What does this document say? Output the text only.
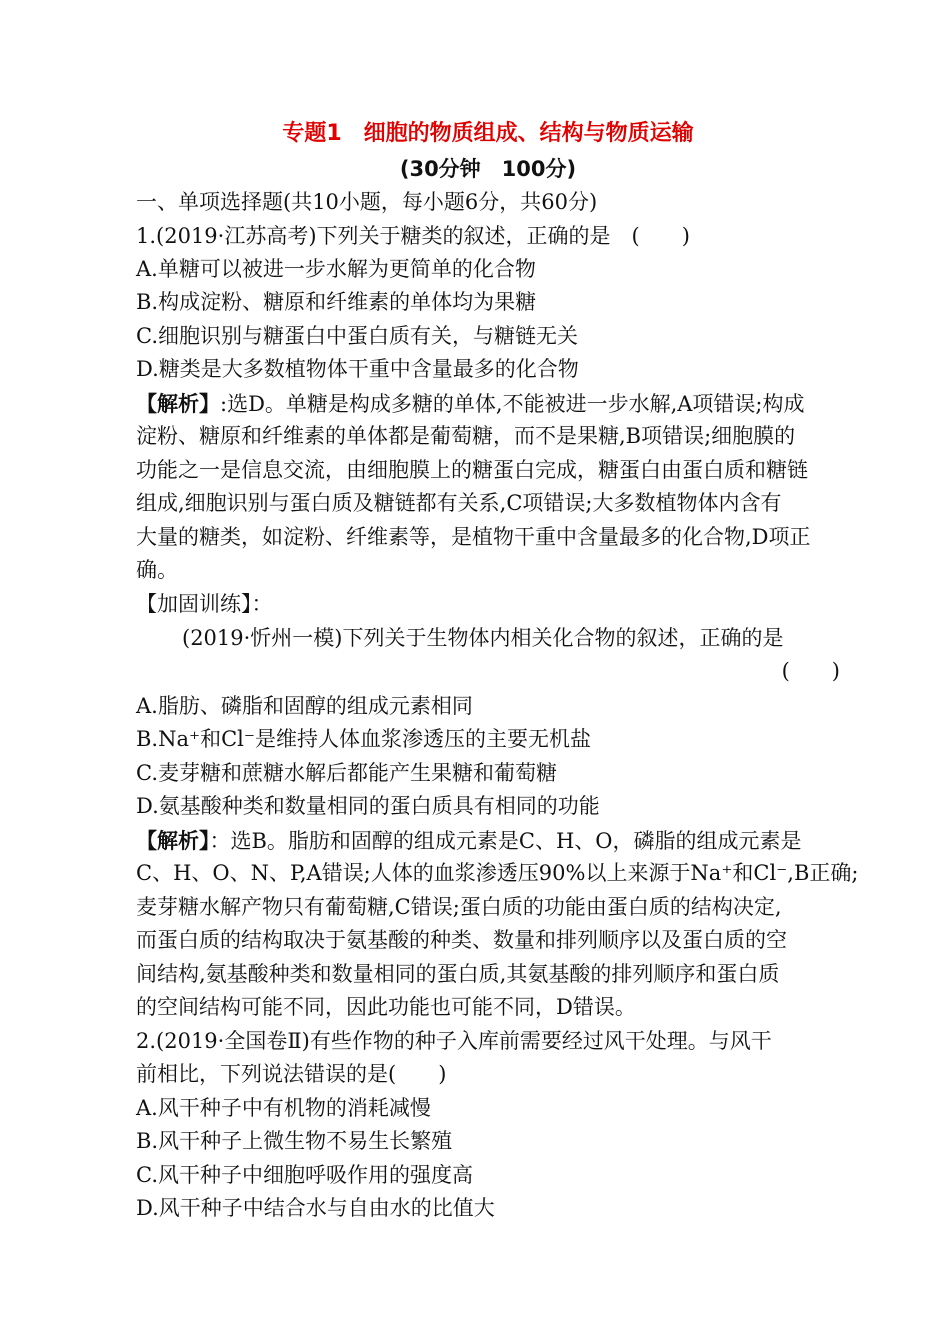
专题1　细胞的物质组成、结构与物质运输
(30分钟　100分)
一、单项选择题(共10小题，每小题6分，共60分)
1.(2019·江苏高考)下列关于糖类的叙述，正确的是　(　　)
A.单糖可以被进一步水解为更简单的化合物
B.构成淀粉、糖原和纤维素的单体均为果糖
C.细胞识别与糖蛋白中蛋白质有关，与糖链无关
D.糖类是大多数植物体干重中含量最多的化合物
【解析】:选D。单糖是构成多糖的单体,不能被进一步水解,A项错误;构成
淀粉、糖原和纤维素的单体都是葡萄糖，而不是果糖,B项错误;细胞膜的
功能之一是信息交流，由细胞膜上的糖蛋白完成，糖蛋白由蛋白质和糖链
组成,细胞识别与蛋白质及糖链都有关系,C项错误;大多数植物体内含有
大量的糖类，如淀粉、纤维素等，是植物干重中含量最多的化合物,D项正
确。
【加固训练】：
(2019·忻州一模)下列关于生物体内相关化合物的叙述，正确的是
(　　)
A.脂肪、磷脂和固醇的组成元素相同
B.Na⁺和Cl⁻是维持人体血浆渗透压的主要无机盐
C.麦芽糖和蔗糖水解后都能产生果糖和葡萄糖
D.氨基酸种类和数量相同的蛋白质具有相同的功能
【解析】：选B。脂肪和固醇的组成元素是C、H、O，磷脂的组成元素是
C、H、O、N、P,A错误;人体的血浆渗透压90%以上来源于Na⁺和Cl⁻,B正确;
麦芽糖水解产物只有葡萄糖,C错误;蛋白质的功能由蛋白质的结构决定,
而蛋白质的结构取决于氨基酸的种类、数量和排列顺序以及蛋白质的空
间结构,氨基酸种类和数量相同的蛋白质,其氨基酸的排列顺序和蛋白质
的空间结构可能不同，因此功能也可能不同，D错误。
2.(2019·全国卷Ⅱ)有些作物的种子入库前需要经过风干处理。与风干
前相比，下列说法错误的是(　　)
A.风干种子中有机物的消耗减慢
B.风干种子上微生物不易生长繁殖
C.风干种子中细胞呼吸作用的强度高
D.风干种子中结合水与自由水的比值大
